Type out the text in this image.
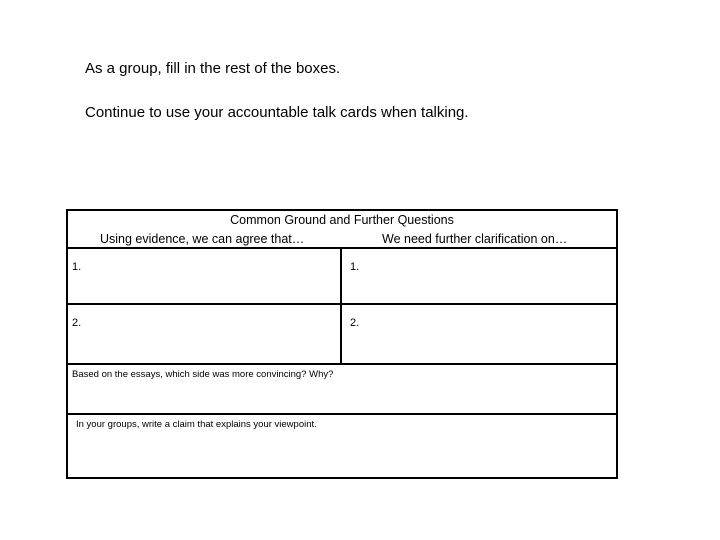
As a group, fill in the rest of the boxes.

Continue to use your accountable talk cards when talking.

Common Ground and Further Questions
Using evidence, we can agree that…	We need further clarification on…
1.	1.
2.	2.
Based on the essays, which side was more convincing? Why?
In your groups, write a claim that explains your viewpoint.
